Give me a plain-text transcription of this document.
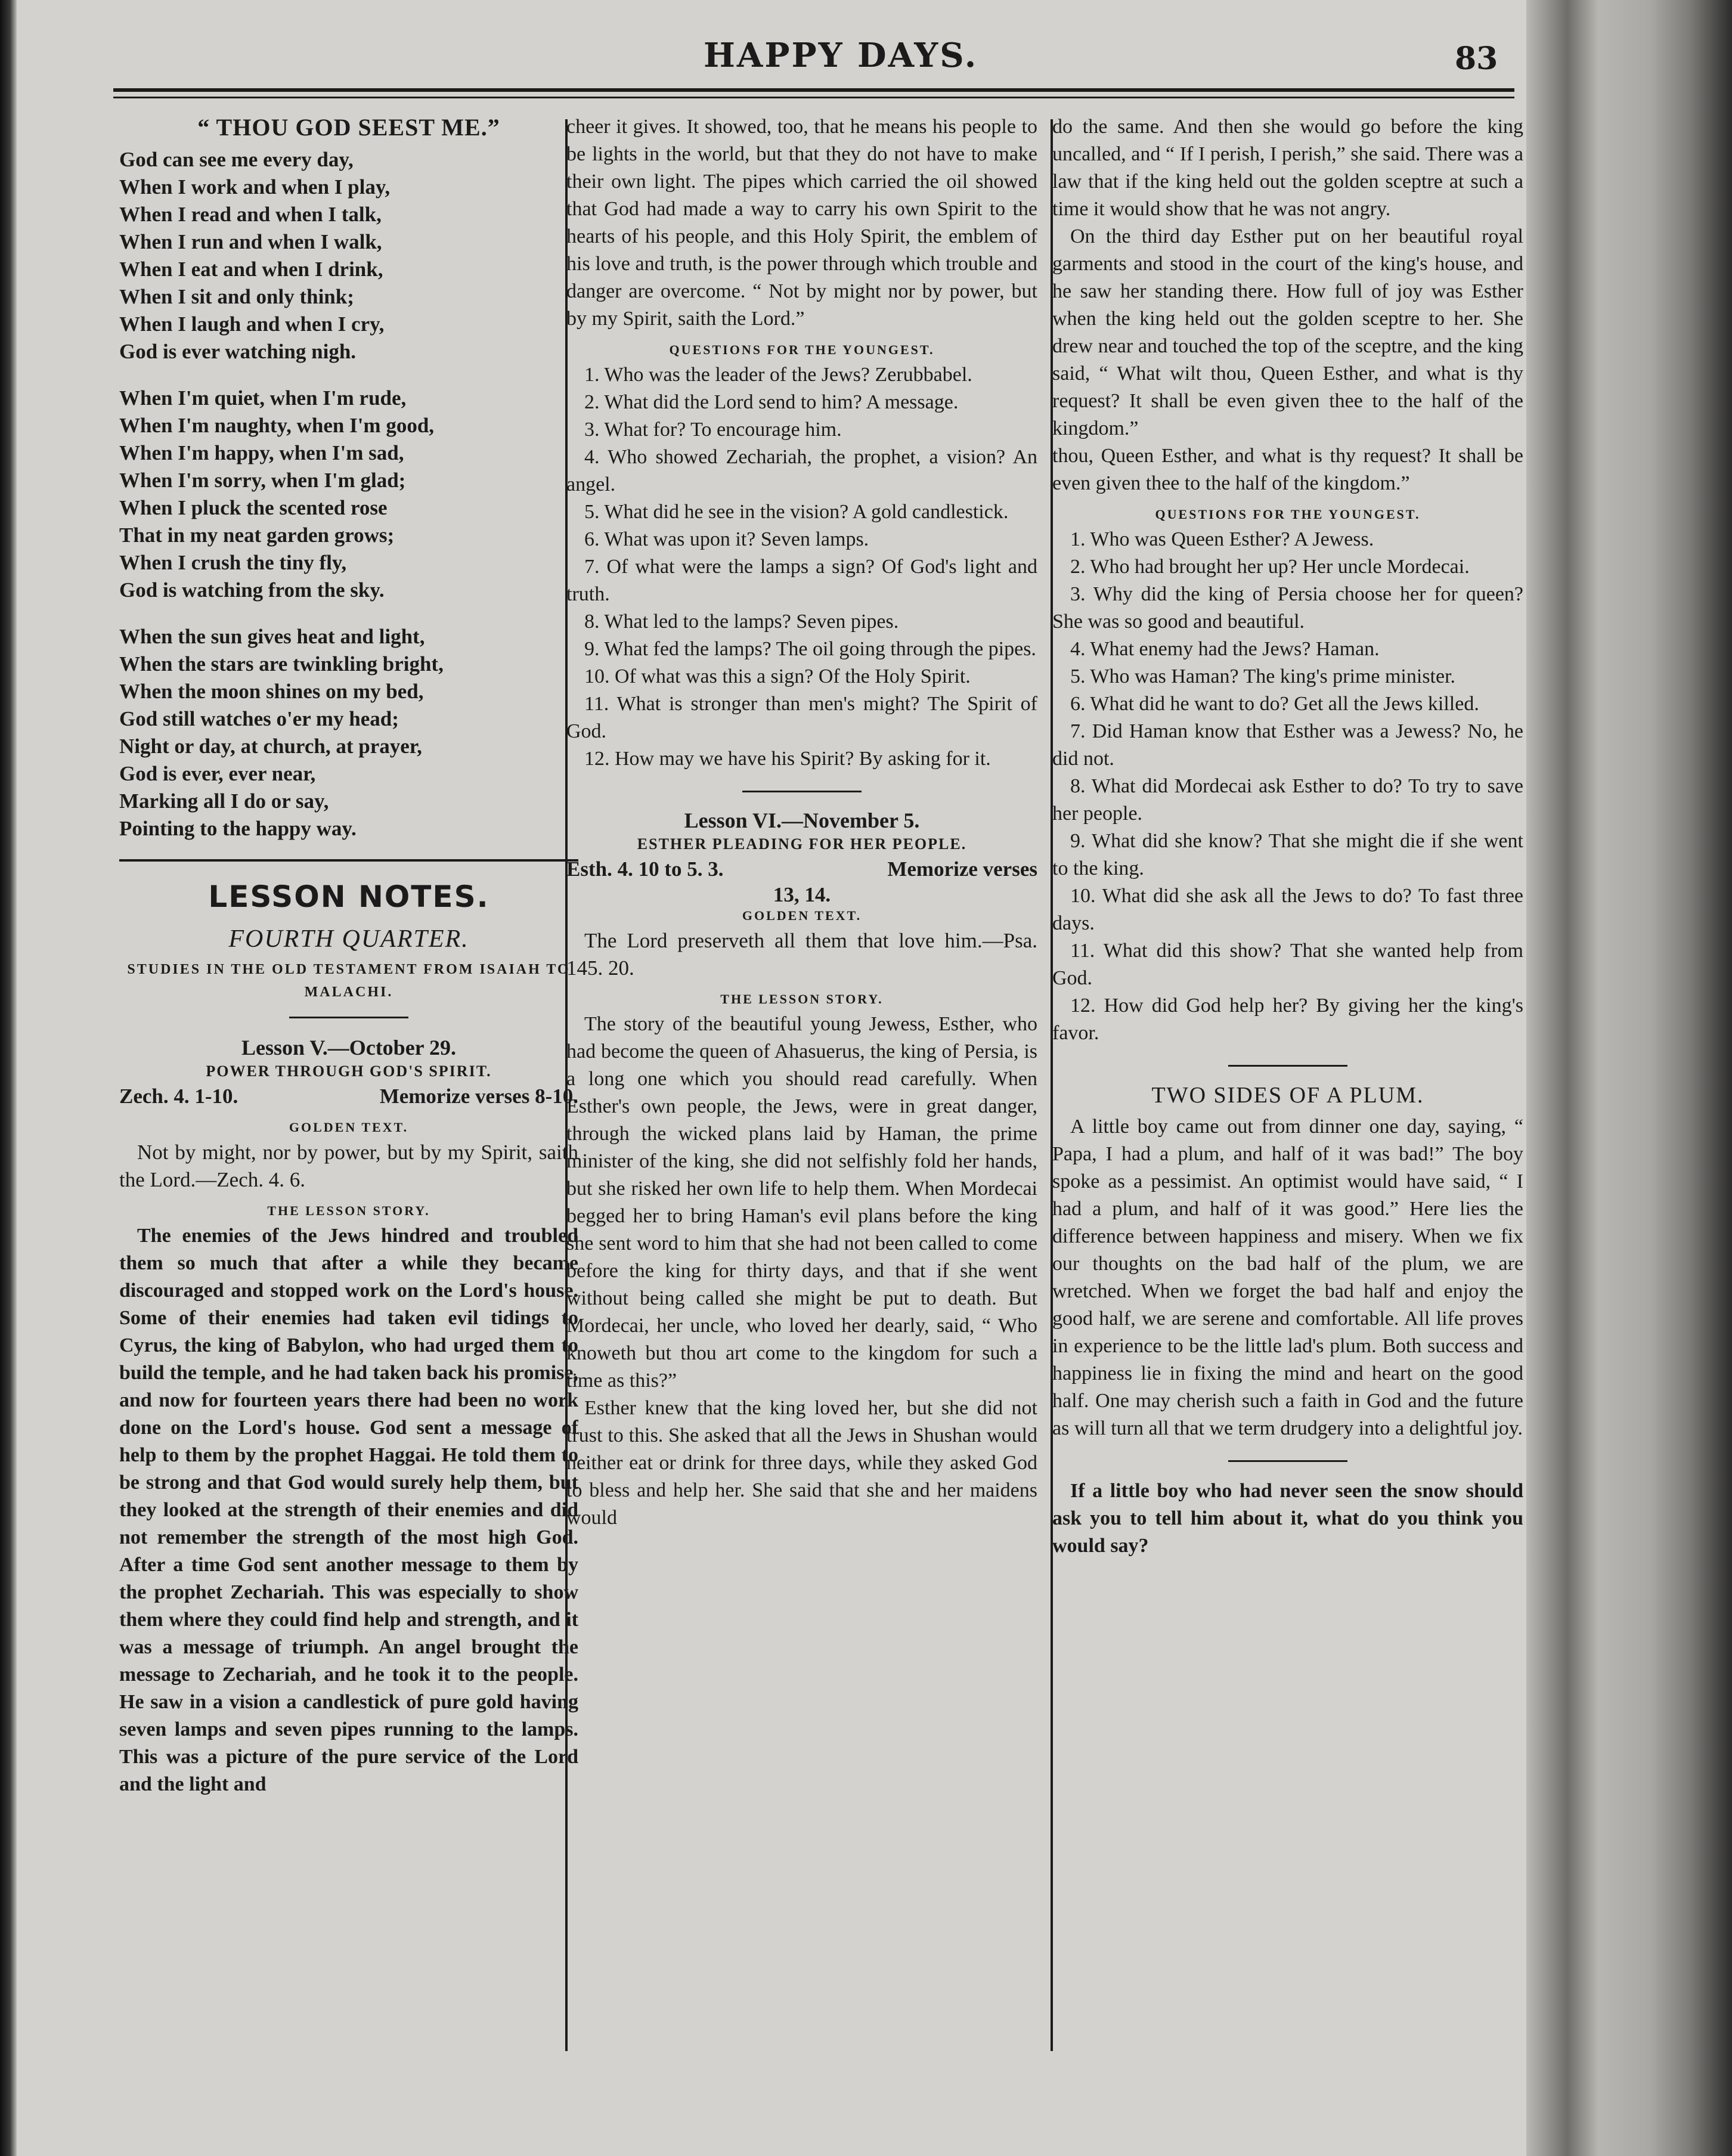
HAPPY DAYS.	83

“ THOU GOD SEEST ME.”

God can see me every day,
When I work and when I play,
When I read and when I talk,
When I run and when I walk,
When I eat and when I drink,
When I sit and only think;
When I laugh and when I cry,
God is ever watching nigh.
When I'm quiet, when I'm rude,
When I'm naughty, when I'm good,
When I'm happy, when I'm sad,
When I'm sorry, when I'm glad;
When I pluck the scented rose
That in my neat garden grows;
When I crush the tiny fly,
God is watching from the sky.
When the sun gives heat and light,
When the stars are twinkling bright,
When the moon shines on my bed,
God still watches o'er my head;
Night or day, at church, at prayer,
God is ever, ever near,
Marking all I do or say,
Pointing to the happy way.

LESSON NOTES.

FOURTH QUARTER.

STUDIES IN THE OLD TESTAMENT FROM ISAIAH TO MALACHI.

Lesson V.—October 29.

POWER THROUGH GOD'S SPIRIT.

Zech. 4. 1-10.	Memorize verses 8-10.

GOLDEN TEXT.

Not by might, nor by power, but by my Spirit, saith the Lord.—Zech. 4. 6.

THE LESSON STORY.

The enemies of the Jews hindred and troubled them so much that after a while they became discouraged and stopped work on the Lord's house. Some of their enemies had taken evil tidings to Cyrus, the king of Babylon, who had urged them to build the temple, and he had taken back his promise, and now for fourteen years there had been no work done on the Lord's house. God sent a message of help to them by the prophet Haggai. He told them to be strong and that God would surely help them, but they looked at the strength of their enemies and did not remember the strength of the most high God. After a time God sent another message to them by the prophet Zechariah. This was especially to show them where they could find help and strength, and it was a message of triumph. An angel brought the message to Zechariah, and he took it to the people. He saw in a vision a candlestick of pure gold having seven lamps and seven pipes running to the lamps. This was a picture of the pure service of the Lord and the light and

cheer it gives. It showed, too, that he means his people to be lights in the world, but that they do not have to make their own light. The pipes which carried the oil showed that God had made a way to carry his own Spirit to the hearts of his people, and this Holy Spirit, the emblem of his love and truth, is the power through which trouble and danger are overcome. “ Not by might nor by power, but by my Spirit, saith the Lord.”

QUESTIONS FOR THE YOUNGEST.

1. Who was the leader of the Jews? Zerubbabel.

2. What did the Lord send to him? A message.

3. What for? To encourage him.

4. Who showed Zechariah, the prophet, a vision? An angel.

5. What did he see in the vision? A gold candlestick.

6. What was upon it? Seven lamps.

7. Of what were the lamps a sign? Of God's light and truth.

8. What led to the lamps? Seven pipes.

9. What fed the lamps? The oil going through the pipes.

10. Of what was this a sign? Of the Holy Spirit.

11. What is stronger than men's might? The Spirit of God.

12. How may we have his Spirit? By asking for it.

Lesson VI.—November 5.

ESTHER PLEADING FOR HER PEOPLE.

Esth. 4. 10 to 5. 3.	Memorize verses

13, 14.

GOLDEN TEXT.

The Lord preserveth all them that love him.—Psa. 145. 20.

THE LESSON STORY.

The story of the beautiful young Jewess, Esther, who had become the queen of Ahasuerus, the king of Persia, is a long one which you should read carefully. When Esther's own people, the Jews, were in great danger, through the wicked plans laid by Haman, the prime minister of the king, she did not selfishly fold her hands, but she risked her own life to help them. When Mordecai begged her to bring Haman's evil plans before the king she sent word to him that she had not been called to come before the king for thirty days, and that if she went without being called she might be put to death. But Mordecai, her uncle, who loved her dearly, said, “ Who knoweth but thou art come to the kingdom for such a time as this?”

Esther knew that the king loved her, but she did not trust to this. She asked that all the Jews in Shushan would neither eat or drink for three days, while they asked God to bless and help her. She said that she and her maidens would

do the same. And then she would go before the king uncalled, and “ If I perish, I perish,” she said. There was a law that if the king held out the golden sceptre at such a time it would show that he was not angry.

On the third day Esther put on her beautiful royal garments and stood in the court of the king's house, and he saw her standing there. How full of joy was Esther when the king held out the golden sceptre to her. She drew near and touched the top of the sceptre, and the king said, “ What wilt thou, Queen Esther, and what is thy request? It shall be even given thee to the half of the kingdom.”

thou, Queen Esther, and what is thy request? It shall be even given thee to the half of the kingdom.”

QUESTIONS FOR THE YOUNGEST.

1. Who was Queen Esther? A Jewess.

2. Who had brought her up? Her uncle Mordecai.

3. Why did the king of Persia choose her for queen? She was so good and beautiful.

4. What enemy had the Jews? Haman.

5. Who was Haman? The king's prime minister.

6. What did he want to do? Get all the Jews killed.

7. Did Haman know that Esther was a Jewess? No, he did not.

8. What did Mordecai ask Esther to do? To try to save her people.

9. What did she know? That she might die if she went to the king.

10. What did she ask all the Jews to do? To fast three days.

11. What did this show? That she wanted help from God.

12. How did God help her? By giving her the king's favor.

TWO SIDES OF A PLUM.

A little boy came out from dinner one day, saying, “ Papa, I had a plum, and half of it was bad!” The boy spoke as a pessimist. An optimist would have said, “ I had a plum, and half of it was good.” Here lies the difference between happiness and misery. When we fix our thoughts on the bad half of the plum, we are wretched. When we forget the bad half and enjoy the good half, we are serene and comfortable. All life proves in experience to be the little lad's plum. Both success and happiness lie in fixing the mind and heart on the good half. One may cherish such a faith in God and the future as will turn all that we term drudgery into a delightful joy.

If a little boy who had never seen the snow should ask you to tell him about it, what do you think you would say?
